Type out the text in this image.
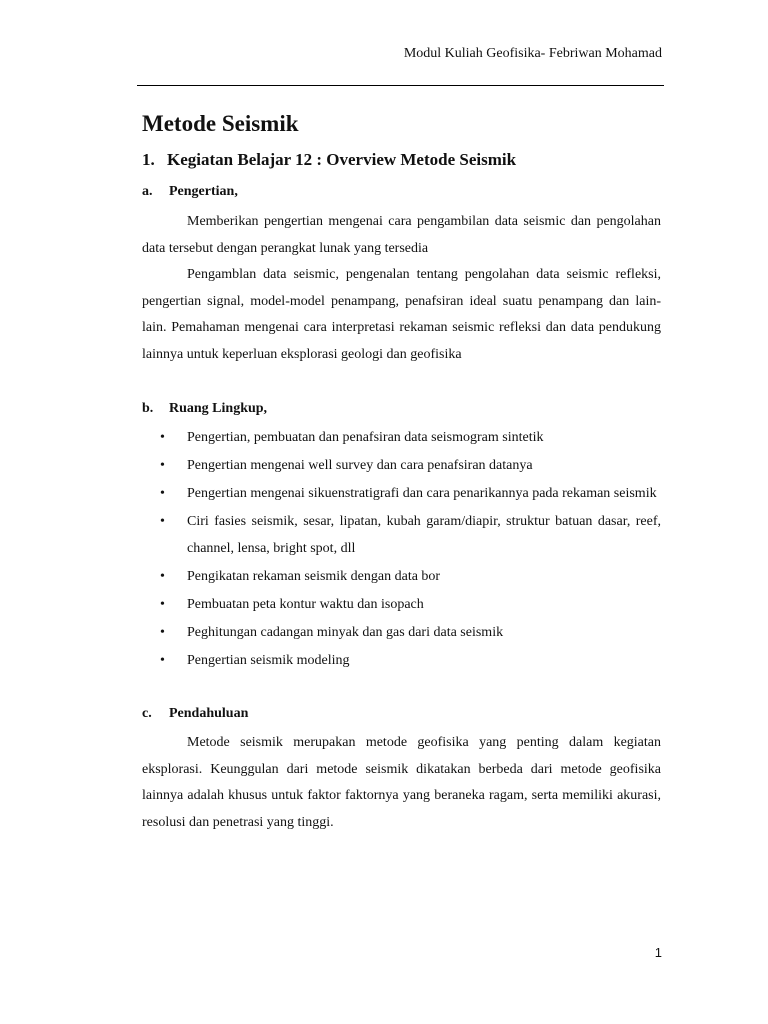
Modul Kuliah Geofisika- Febriwan Mohamad
Metode Seismik
1. Kegiatan Belajar 12 : Overview Metode Seismik
a.	Pengertian,

Memberikan pengertian mengenai cara pengambilan data seismic dan pengolahan data tersebut dengan perangkat lunak yang tersedia

Pengamblan data seismic, pengenalan tentang pengolahan data seismic refleksi, pengertian signal, model-model penampang, penafsiran ideal suatu penampang dan lain-lain. Pemahaman mengenai cara interpretasi rekaman seismic refleksi dan data pendukung lainnya untuk keperluan eksplorasi geologi dan geofisika

b.	Ruang Lingkup,
•	Pengertian, pembuatan dan penafsiran data seismogram sintetik
•	Pengertian mengenai well survey dan cara penafsiran datanya
•	Pengertian mengenai sikuenstratigrafi dan cara penarikannya pada rekaman seismik
•	Ciri fasies seismik, sesar, lipatan, kubah garam/diapir, struktur batuan dasar, reef, channel, lensa, bright spot, dll
•	Pengikatan rekaman seismik dengan data bor
•	Pembuatan peta kontur waktu dan isopach
•	Peghitungan cadangan minyak dan gas dari data seismik
•	Pengertian seismik modeling
c.	Pendahuluan

Metode seismik merupakan metode geofisika yang penting dalam kegiatan eksplorasi. Keunggulan dari metode seismik dikatakan berbeda dari metode geofisika lainnya adalah khusus untuk faktor faktornya yang beraneka ragam, serta memiliki akurasi, resolusi dan penetrasi yang tinggi.

1
